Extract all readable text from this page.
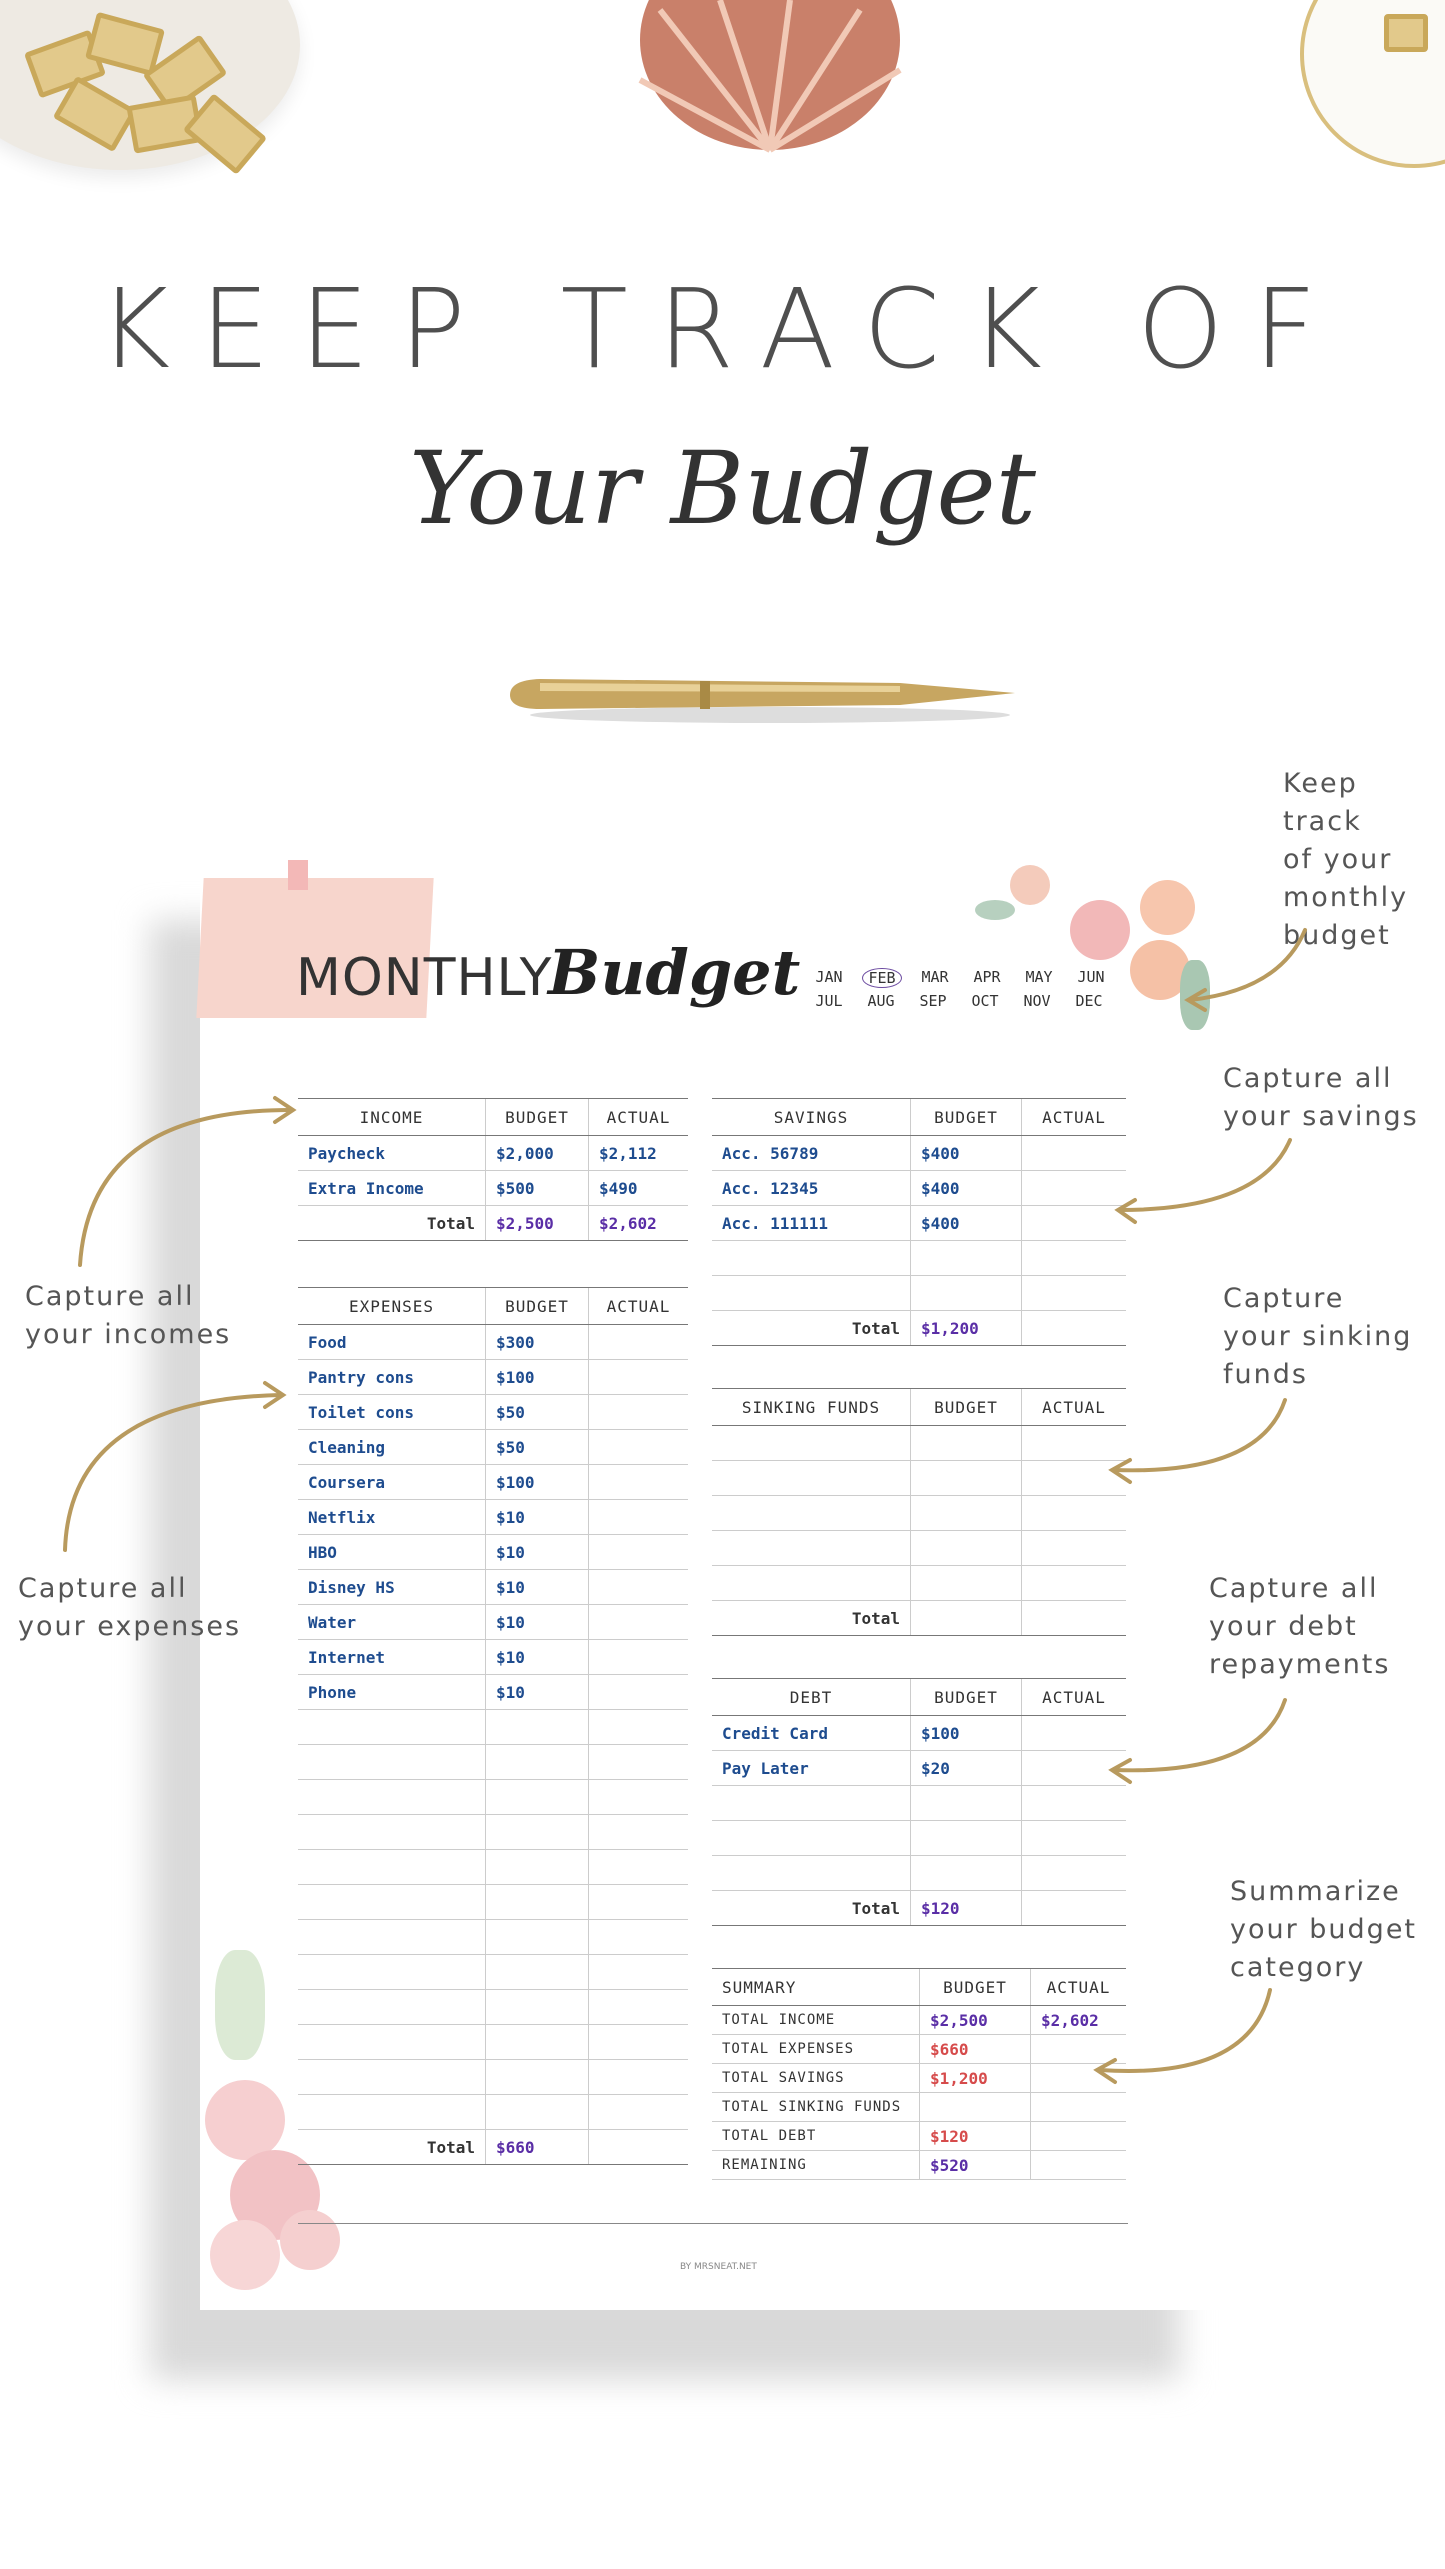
KEEP TRACK OF
Your Budget
MONTHLY
Budget	JAN	FEB	MAR	APR	MAY	JUN
JUL	AUG	SEP	OCT	NOV	DEC
INCOME	BUDGET	ACTUAL
Paycheck	$2,000	$2,112
Extra Income	$500	$490
Total	$2,500	$2,602
EXPENSES	BUDGET	ACTUAL
Food	$300	
Pantry cons	$100	
Toilet cons	$50	
Cleaning	$50	
Coursera	$100	
Netflix	$10	
HBO	$10	
Disney HS	$10	
Water	$10	
Internet	$10	
Phone	$10	

Total	$660	
SAVINGS	BUDGET	ACTUAL
Acc. 56789	$400	
Acc. 12345	$400	
Acc. 111111	$400	

Total	$1,200	
SINKING FUNDS	BUDGET	ACTUAL

Total		
DEBT	BUDGET	ACTUAL
Credit Card	$100	
Pay Later	$20	

Total	$120	
SUMMARY	BUDGET	ACTUAL
TOTAL INCOME	$2,500	$2,602
TOTAL EXPENSES	$660	
TOTAL SAVINGS	$1,200	
TOTAL SINKING FUNDS		
TOTAL DEBT	$120	
REMAINING	$520	
BY MRSNEAT.NET
Keep track
of your
monthly
budget
Capture all
your savings
Capture all
your incomes
Capture
your sinking
funds
Capture all
your expenses
Capture all
your debt
repayments
Summarize
your budget
category
